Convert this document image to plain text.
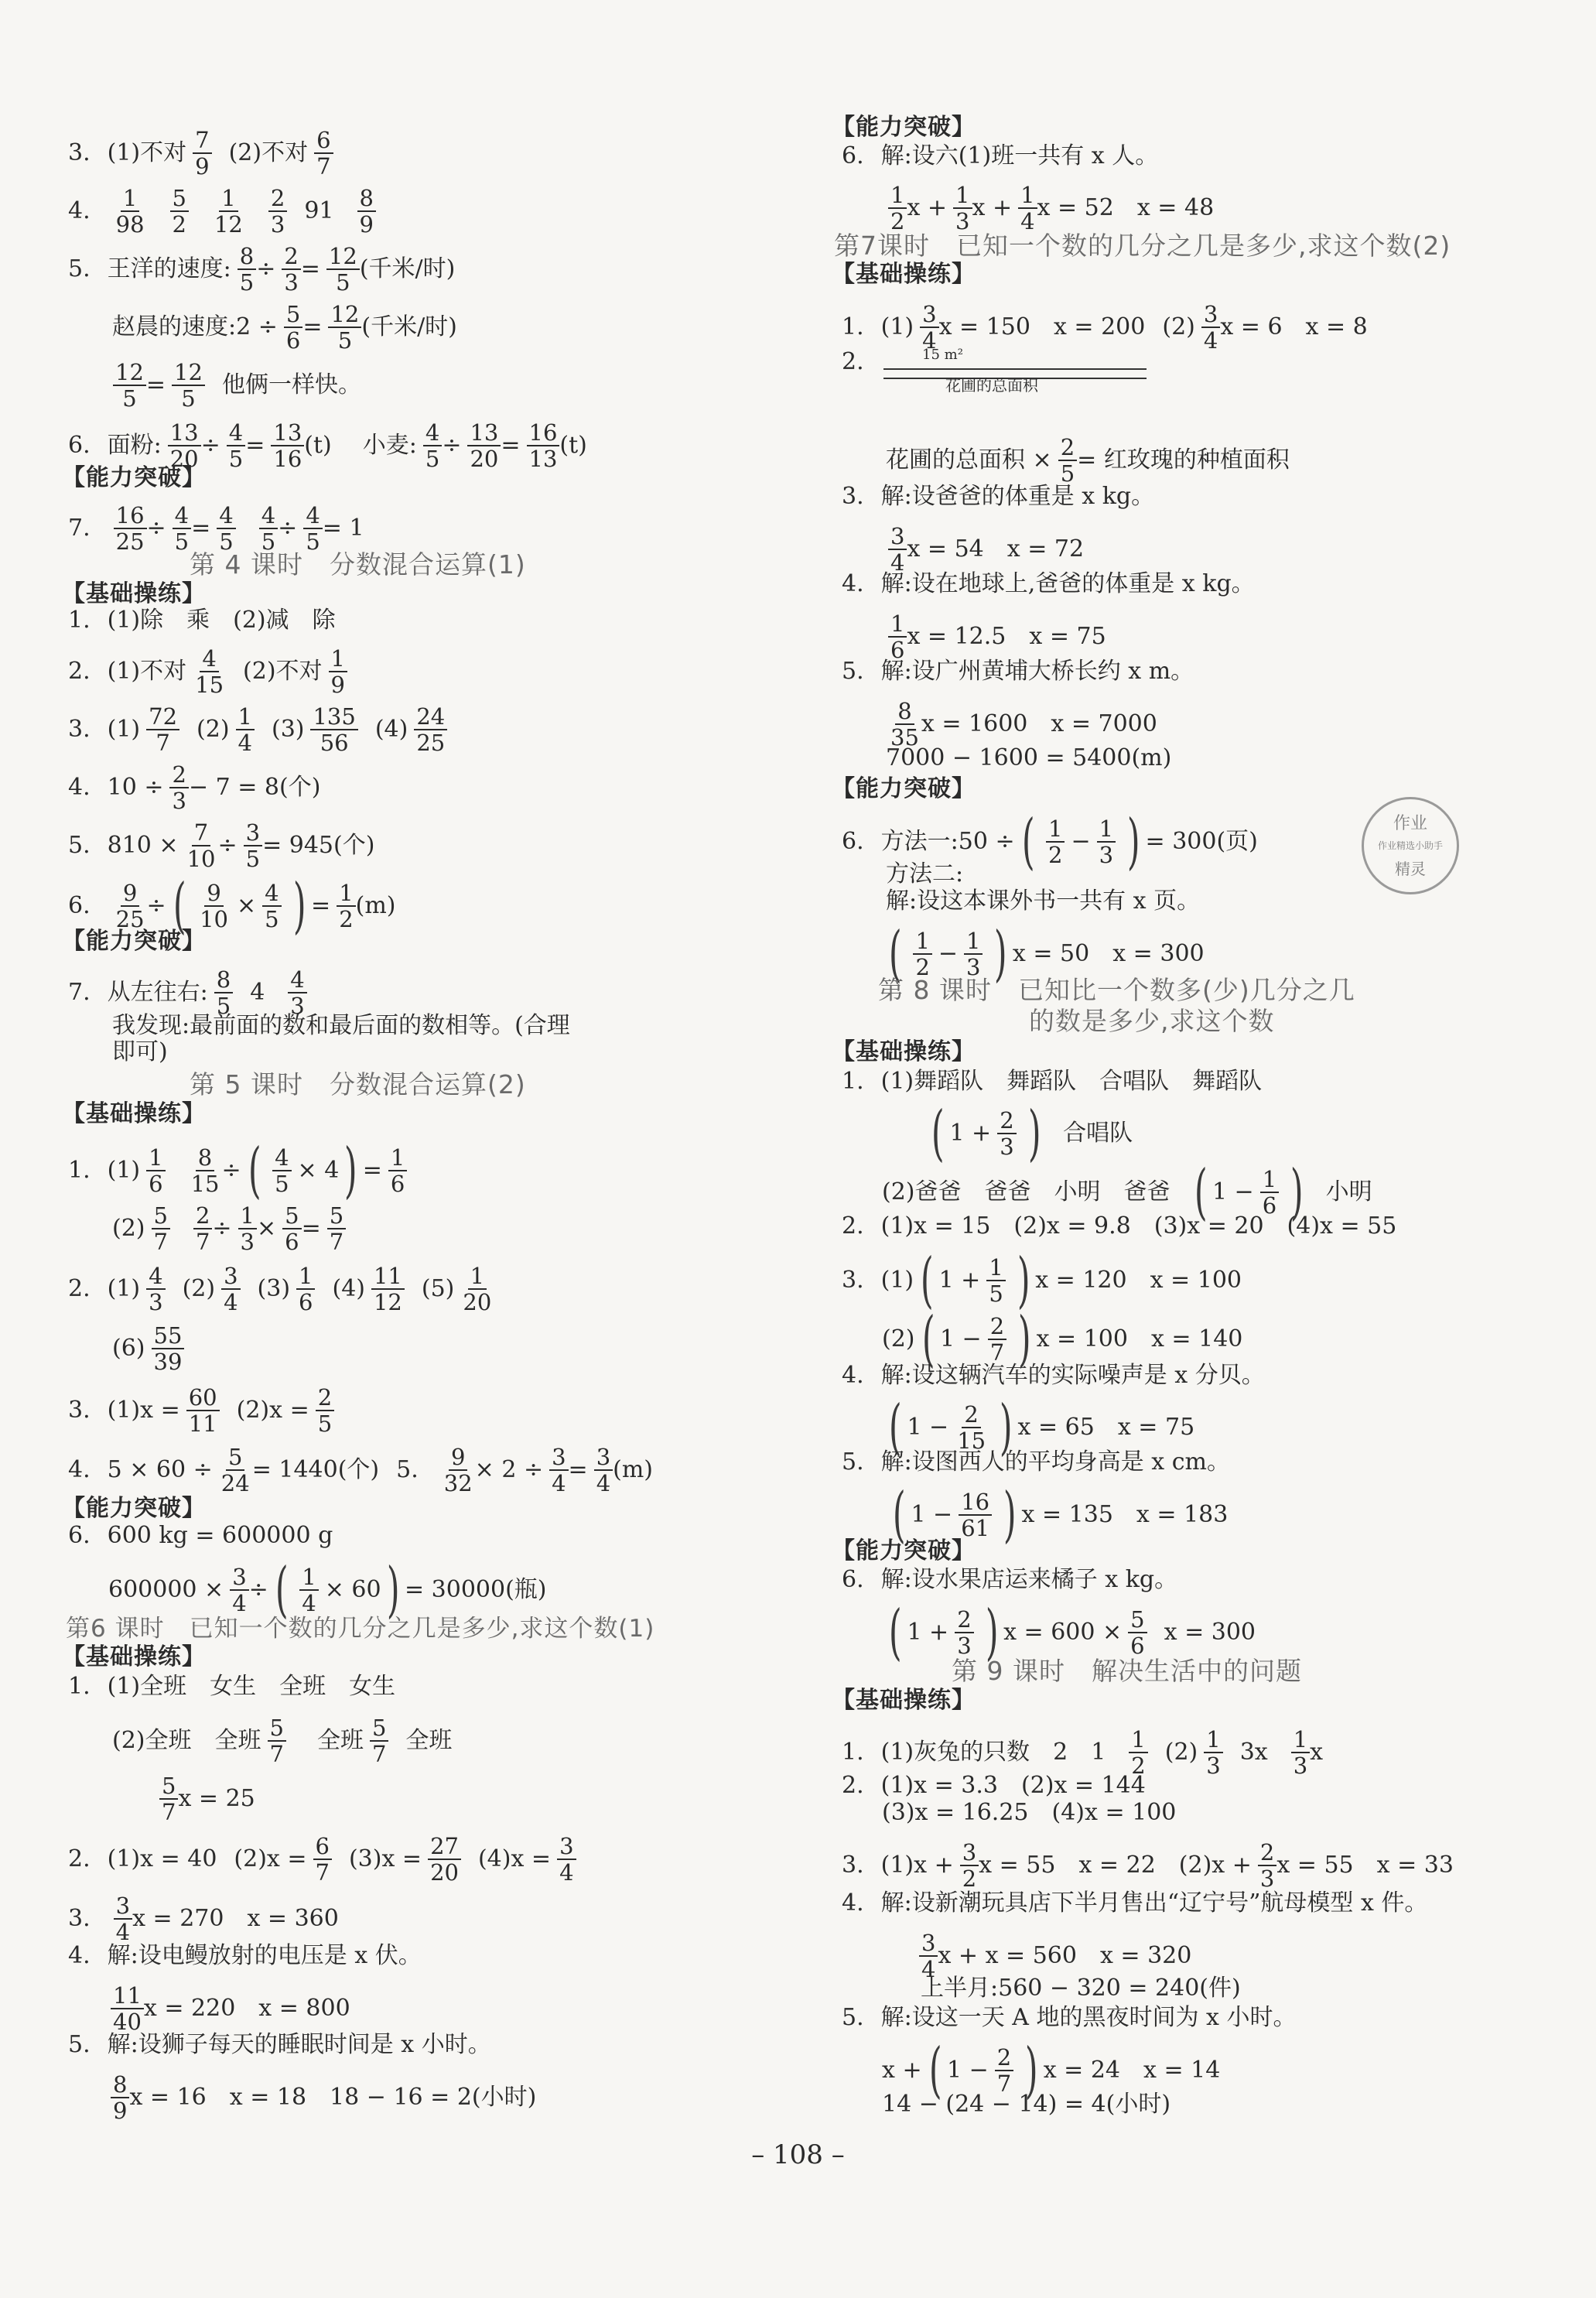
3. (1)不对 7
9 (2)不对 6
7
4. 1
98
5
2
1
12
2
3 91 8
9
5. 王洋的速度: $\frac{8}{5} \div \frac{2}{3} = \frac{12}{5}$ (千米/时)
赵晨的速度:2 ÷ $\frac{5}{6} = \frac{12}{5}$ (千米/时)
$\frac{12}{5} = \frac{12}{5}$ 他俩一样快。
6. 面粉: $\frac{13}{20} \div \frac{4}{5} = \frac{13}{16} (t)$ 小麦: $\frac{4}{5} \div \frac{13}{20} = \frac{16}{13} (t)$
【能力突破】
7. $\frac{16}{25} \div \frac{4}{5} = \frac{4}{5} \frac{4}{5} \div \frac{4}{5} = 1$
第 4 课时　分数混合运算(1)
【基础操练】
1. (1)除　乘　(2)减　除
2. (1)不对 4
15 (2)不对 1
9
3. (1) 72
7 (2) 1
4 (3) 135
56 (4) 24
25
4. $10 \div \frac{2}{3} - 7 = 8$(个)
5. $810 \times \frac{7}{10} \div \frac{3}{5} = 945$(个)
6. $\frac{9}{25}$ ÷ ( $\frac{9}{10} \times \frac{4}{5}$ ) = $\frac{1}{2} (m)$
【能力突破】
7. 从左往右: 8
5 4 4
3
我发现:最前面的数和最后面的数相等。(合理
即可)
第 5 课时　分数混合运算(2)
【基础操练】
1. (1) 1
$6 \frac{8}{15}$ ÷ ( $\frac{4}{5} \times 4$ ) = $\frac{1}{6}$
(2) 5
$7 \frac{2}{7} \div \frac{1}{3} \times \frac{5}{6} = \frac{5}{7}$
2. (1) 4
3 (2) 3
4 (3) 1
6 (4) 11
12 (5) 1
20
(6) 55
39
3. $(1)x = \frac{60}{11} (2)x = \frac{2}{5}$
4. $5 \times 60 \div \frac{5}{24} = 1440$(个) 5. $\frac{9}{32} \times 2 \div \frac{3}{4} = \frac{3}{4} (m)$
【能力突破】
6. 600 kg = 600000 g
$600000 \times \frac{3}{4}$ ÷ ( $\frac{1}{4} \times 60$ ) = 30000(瓶)
第6 课时　已知一个数的几分之几是多少,求这个数(1)
【基础操练】
1. (1)全班　女生　全班　女生
(2)全班　全班 5
7 全班 5
7 全班
5
7 x = 25
2. (1)x = 40 $(2)x = \frac{6}{7} (3)x = \frac{27}{20} (4)x = \frac{3}{4}$
3. 3
4 x = 270　x = 360
4. 解:设电鳗放射的电压是 x 伏。
11
40 x = 220　x = 800
5. 解:设狮子每天的睡眠时间是 x 小时。
8
9 x = 16　x = 18　18 − 16 = 2(小时)
【能力突破】
6. 解:设六(1)班一共有 x 人。
1
2 $x + \frac{1}{3}$ $x + \frac{1}{4}$ x = 52　x = 48
第7课时　已知一个数的几分之几是多少,求这个数(2)
【基础操练】
1. (1) 3
4 x = 150　x = 200 (2) 3
4 x = 6　x = 8
2.	15 m²
花圃的总面积
花圃的总面积 × $\frac{2}{5}$ = 红玫瑰的种植面积
3. 解:设爸爸的体重是 x kg。
3
4 x = 54　x = 72
4. 解:设在地球上,爸爸的体重是 x kg。
1
6 x = 12.5　x = 75
5. 解:设广州黄埔大桥长约 x m。
8
35 x = 1600　x = 7000
7000 − 1600 = 5400(m)
【能力突破】
6. 方法一:50 ÷ ( 1
$2 - \frac{1}{3}$ ) = 300(页)
作业
作业精选小助手
精灵
方法二:
解:设这本课外书一共有 x 页。
( 1
$2 - \frac{1}{3}$ ) x = 50　x = 300
第 8 课时　已知比一个数多(少)几分之几
的数是多少,求这个数
【基础操练】
1. (1)舞蹈队　舞蹈队　合唱队　舞蹈队
( $1 + \frac{2}{3}$ ) 合唱队
(2)爸爸　爸爸　小明　爸爸 ( $1 - \frac{1}{6}$ ) 小明
2. (1)x = 15　(2)x = 9.8　(3)x = 20　(4)x = 55
3. (1) ( $1 + \frac{1}{5}$ ) x = 120　x = 100
(2) ( $1 - \frac{2}{7}$ ) x = 100　x = 140
4. 解:设这辆汽车的实际噪声是 x 分贝。
( $1 - \frac{2}{15}$ ) x = 65　x = 75
5. 解:设图西人的平均身高是 x cm。
( $1 - \frac{16}{61}$ ) x = 135　x = 183
【能力突破】
6. 解:设水果店运来橘子 x kg。
( $1 + \frac{2}{3}$ ) $x = 600 \times \frac{5}{6}$ x = 300
第 9 课时　解决生活中的问题
【基础操练】
1. (1)灰兔的只数　2　1 1
2 (2) 1
3 3x 1
3 x
2. (1)x = 3.3　(2)x = 144
(3)x = 16.25　(4)x = 100
3. $(1)x + \frac{3}{2}$ x = 55　x = 22　$(2)x + \frac{2}{3}$ x = 55　x = 33
4. 解:设新潮玩具店下半月售出“辽宁号”航母模型 x 件。
3
4 x + x = 560　x = 320
上半月:560 − 320 = 240(件)
5. 解:设这一天 A 地的黑夜时间为 x 小时。
x + ( $1 - \frac{2}{7}$ ) x = 24　x = 14
14 − (24 − 14) = 4(小时)
– 108 –
